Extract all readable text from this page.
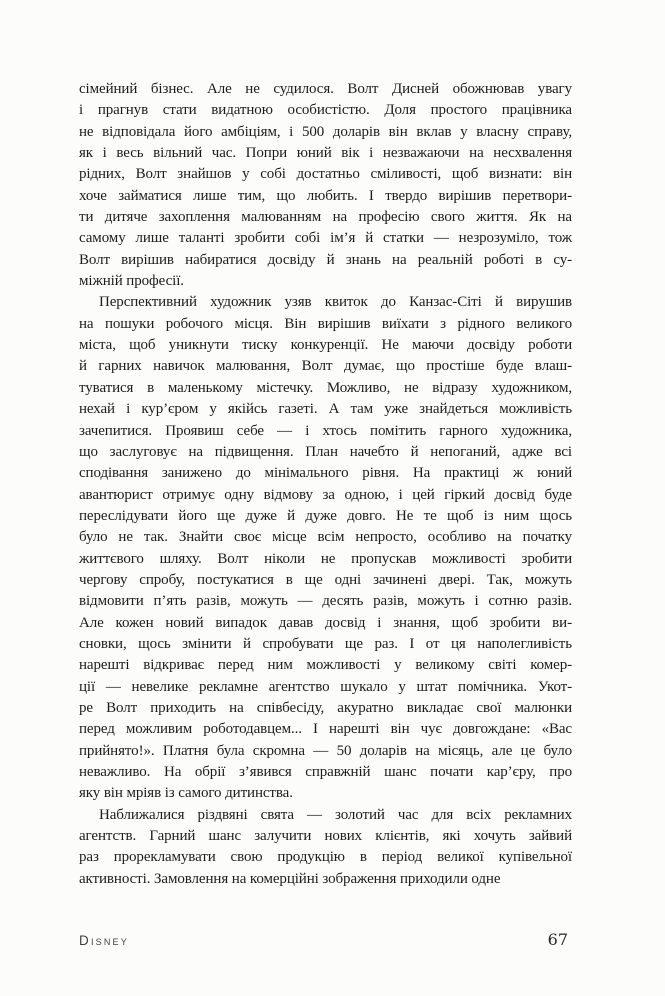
сімейний бізнес. Але не судилося. Волт Дисней обожнював увагу
і прагнув стати видатною особистістю. Доля простого працівника
не відповідала його амбіціям, і 500 доларів він вклав у власну справу,
як і весь вільний час. Попри юний вік і незважаючи на несхвалення
рідних, Волт знайшов у собі достатньо сміливості, щоб визнати: він
хоче займатися лише тим, що любить. І твердо вирішив перетвори-
ти дитяче захоплення малюванням на професію свого життя. Як на
самому лише таланті зробити собі ім’я й статки — незрозуміло, тож
Волт вирішив набиратися досвіду й знань на реальній роботі в су-
міжній професії.
Перспективний художник узяв квиток до Канзас-Сіті й вирушив
на пошуки робочого місця. Він вирішив виїхати з рідного великого
міста, щоб уникнути тиску конкуренції. Не маючи досвіду роботи
й гарних навичок малювання, Волт думає, що простіше буде влаш-
туватися в маленькому містечку. Можливо, не відразу художником,
нехай і кур’єром у якійсь газеті. А там уже знайдеться можливість
зачепитися. Проявиш себе — і хтось помітить гарного художника,
що заслуговує на підвищення. План начебто й непоганий, адже всі
сподівання занижено до мінімального рівня. На практиці ж юний
авантюрист отримує одну відмову за одною, і цей гіркий досвід буде
переслідувати його ще дуже й дуже довго. Не те щоб із ним щось
було не так. Знайти своє місце всім непросто, особливо на початку
життєвого шляху. Волт ніколи не пропускав можливості зробити
чергову спробу, постукатися в ще одні зачинені двері. Так, можуть
відмовити п’ять разів, можуть — десять разів, можуть і сотню разів.
Але кожен новий випадок давав досвід і знання, щоб зробити ви-
сновки, щось змінити й спробувати ще раз. І от ця наполегливість
нарешті відкриває перед ним можливості у великому світі комер-
ції — невелике рекламне агентство шукало у штат помічника. Укот-
ре Волт приходить на співбесіду, акуратно викладає свої малюнки
перед можливим роботодавцем... І нарешті він чує довгождане: «Вас
прийнято!». Платня була скромна — 50 доларів на місяць, але це було
неважливо. На обрії з’явився справжній шанс почати кар’єру, про
яку він мріяв із самого дитинства.
Наближалися різдвяні свята — золотий час для всіх рекламних
агентств. Гарний шанс залучити нових клієнтів, які хочуть зайвий
раз прорекламувати свою продукцію в період великої купівельної
активності. Замовлення на комерційні зображення приходили одне
Disney	67
